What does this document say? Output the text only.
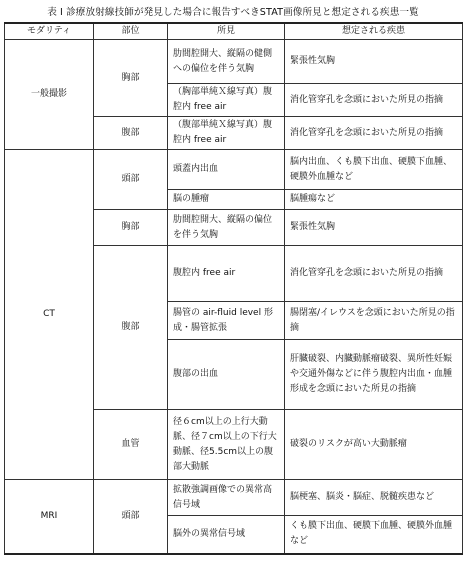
表 I 診療放射線技師が発見した場合に報告すべきSTAT画像所見と想定される疾患一覧
モダリティ	部位	所見	想定される疾患
一般撮影	胸部	肋間腔開大、縦隔の健側への偏位を伴う気胸	緊張性気胸
		（胸部単純Ｘ線写真）腹腔内 free air	消化管穿孔を念頭においた所見の指摘
	腹部	（腹部単純Ｘ線写真）腹腔内 free air	消化管穿孔を念頭においた所見の指摘
CT	頭部	頭蓋内出血	脳内出血、くも膜下出血、硬膜下血腫、硬膜外血腫など
		脳の腫瘤	脳腫瘍など
	胸部	肋間腔開大、縦隔の偏位を伴う気胸	緊張性気胸
	腹部	腹腔内 free air	消化管穿孔を念頭においた所見の指摘
		腸管の air-fluid level 形成・腸管拡張	腸閉塞/イレウスを念頭においた所見の指摘
		腹部の出血	肝臓破裂、内臓動脈瘤破裂、異所性妊娠や交通外傷などに伴う腹腔内出血・血腫形成を念頭においた所見の指摘
	血管	径６cm以上の上行大動脈、径７cm以上の下行大動脈、径5.5cm以上の腹部大動脈	破裂のリスクが高い大動脈瘤
MRI	頭部	拡散強調画像での異常高信号域	脳梗塞、脳炎・脳症、脱髄疾患など
		脳外の異常信号域	くも膜下出血、硬膜下血腫、硬膜外血腫など
